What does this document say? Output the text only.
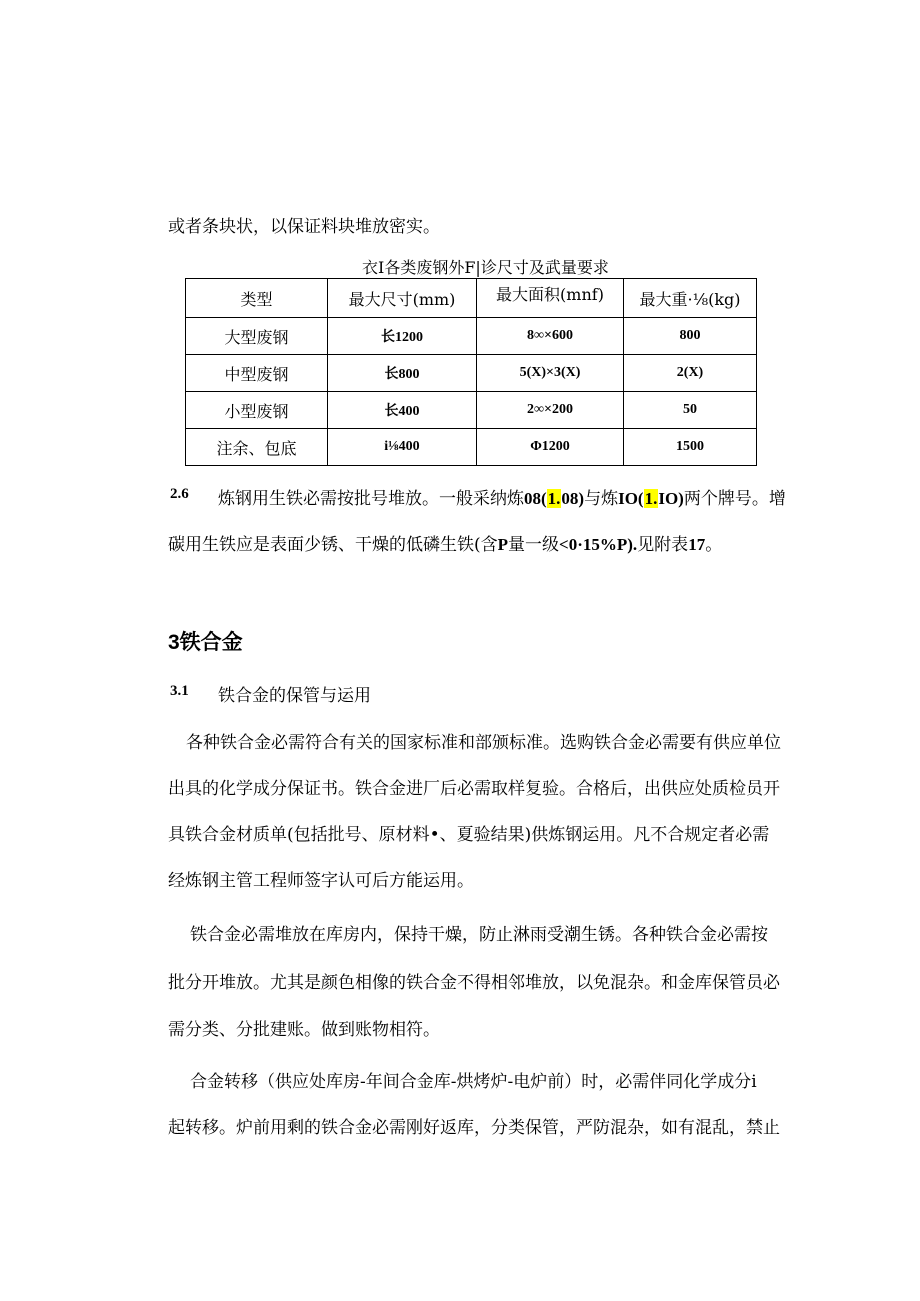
或者条块状，以保证料块堆放密实。
衣I各类废钢外F|诊尺寸及武量要求
类型	最大尺寸(mm)	最大面积(mnf)	最大重·⅛(kg)
大型废钢	长1200	8∞×600	800
中型废钢	长800	5(X)×3(X)	2(X)
小型废钢	长400	2∞×200	50
注余、包底	i⅛400	Φ1200	1500
2.6 炼钢用生铁必需按批号堆放。一般采纳炼08(1.08)与炼IO(1.IO)两个牌号。增
碳用生铁应是表面少锈、干燥的低磷生铁(含P量一级<0·15%P).见附表17。
3铁合金
3.1 铁合金的保管与运用
各种铁合金必需符合有关的国家标准和部颁标准。选购铁合金必需要有供应单位
出具的化学成分保证书。铁合金进厂后必需取样复验。合格后，出供应处质检员开
具铁合金材质单(包括批号、原材料•、夏验结果)供炼钢运用。凡不合规定者必需
经炼钢主管工程师签字认可后方能运用。
铁合金必需堆放在库房内，保持干燥，防止淋雨受潮生锈。各种铁合金必需按
批分开堆放。尤其是颜色相像的铁合金不得相邻堆放，以免混杂。和金库保管员必
需分类、分批建账。做到账物相符。
合金转移（供应处库房-年间合金库-烘烤炉-电炉前）时，必需伴同化学成分i
起转移。炉前用剩的铁合金必需刚好返库，分类保管，严防混杂，如有混乱，禁止
